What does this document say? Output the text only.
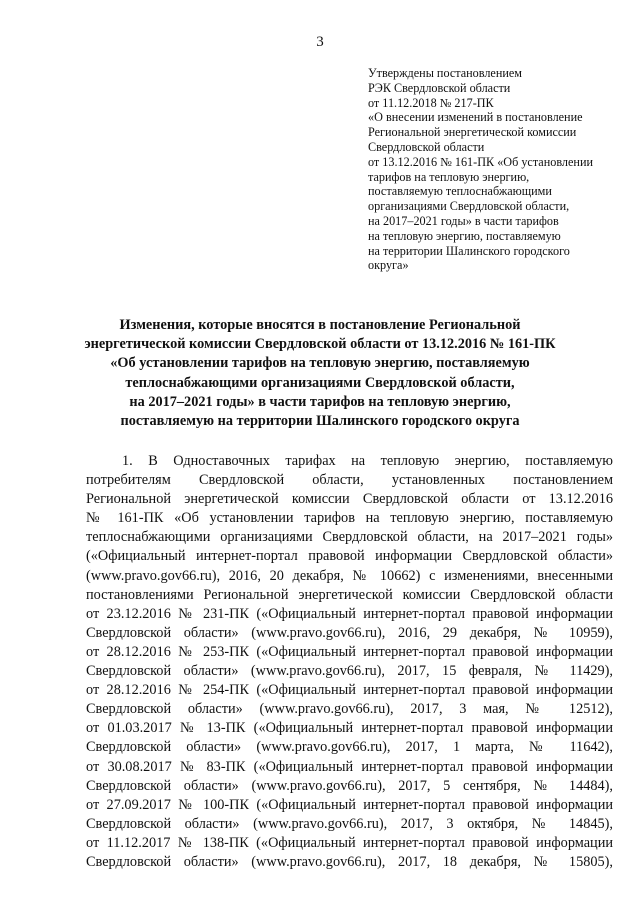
3
Утверждены постановлением
РЭК Свердловской области
от 11.12.2018 № 217-ПК
«О внесении изменений в постановление
Региональной энергетической комиссии
Свердловской области
от 13.12.2016 № 161-ПК «Об установлении
тарифов на тепловую энергию,
поставляемую теплоснабжающими
организациями Свердловской области,
на 2017–2021 годы» в части тарифов
на тепловую энергию, поставляемую
на территории Шалинского городского
округа»
Изменения, которые вносятся в постановление Региональной
энергетической комиссии Свердловской области от 13.12.2016 № 161-ПК
«Об установлении тарифов на тепловую энергию, поставляемую
теплоснабжающими организациями Свердловской области,
на 2017–2021 годы» в части тарифов на тепловую энергию,
поставляемую на территории Шалинского городского округа
1. В Одноставочных тарифах на тепловую энергию, поставляемую
потребителям Свердловской области, установленных постановлением
Региональной энергетической комиссии Свердловской области от 13.12.2016
№ 161-ПК «Об установлении тарифов на тепловую энергию, поставляемую
теплоснабжающими организациями Свердловской области, на 2017–2021 годы»
(«Официальный интернет-портал правовой информации Свердловской области»
(www.pravo.gov66.ru), 2016, 20 декабря, № 10662) с изменениями, внесенными
постановлениями Региональной энергетической комиссии Свердловской области
от 23.12.2016 № 231-ПК («Официальный интернет-портал правовой информации
Свердловской области» (www.pravo.gov66.ru), 2016, 29 декабря, № 10959),
от 28.12.2016 № 253-ПК («Официальный интернет-портал правовой информации
Свердловской области» (www.pravo.gov66.ru), 2017, 15 февраля, № 11429),
от 28.12.2016 № 254-ПК («Официальный интернет-портал правовой информации
Свердловской области» (www.pravo.gov66.ru), 2017, 3 мая, № 12512),
от 01.03.2017 № 13-ПК («Официальный интернет-портал правовой информации
Свердловской области» (www.pravo.gov66.ru), 2017, 1 марта, № 11642),
от 30.08.2017 № 83-ПК («Официальный интернет-портал правовой информации
Свердловской области» (www.pravo.gov66.ru), 2017, 5 сентября, № 14484),
от 27.09.2017 № 100-ПК («Официальный интернет-портал правовой информации
Свердловской области» (www.pravo.gov66.ru), 2017, 3 октября, № 14845),
от 11.12.2017 № 138-ПК («Официальный интернет-портал правовой информации
Свердловской области» (www.pravo.gov66.ru), 2017, 18 декабря, № 15805),
